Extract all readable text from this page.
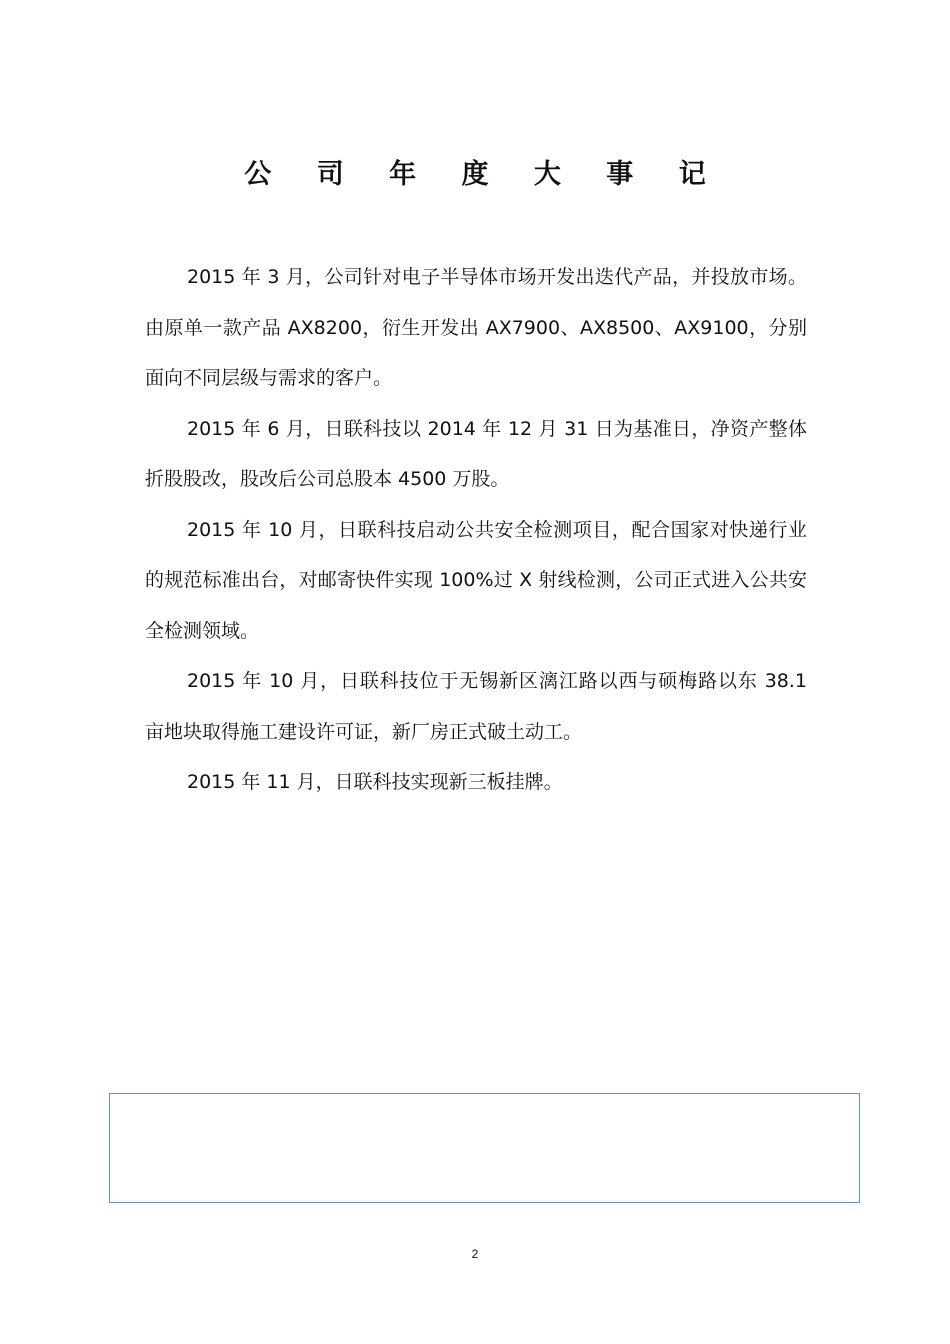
公 司 年 度 大 事 记

2015 年 3 月，公司针对电子半导体市场开发出迭代产品，并投放市场。由原单一款产品 AX8200，衍生开发出 AX7900、AX8500、AX9100，分别面向不同层级与需求的客户。

2015 年 6 月，日联科技以 2014 年 12 月 31 日为基准日，净资产整体折股股改，股改后公司总股本 4500 万股。

2015 年 10 月，日联科技启动公共安全检测项目，配合国家对快递行业的规范标准出台，对邮寄快件实现 100%过 X 射线检测，公司正式进入公共安全检测领域。

2015 年 10 月，日联科技位于无锡新区漓江路以西与硕梅路以东 38.1 亩地块取得施工建设许可证，新厂房正式破土动工。

2015 年 11 月，日联科技实现新三板挂牌。

2
